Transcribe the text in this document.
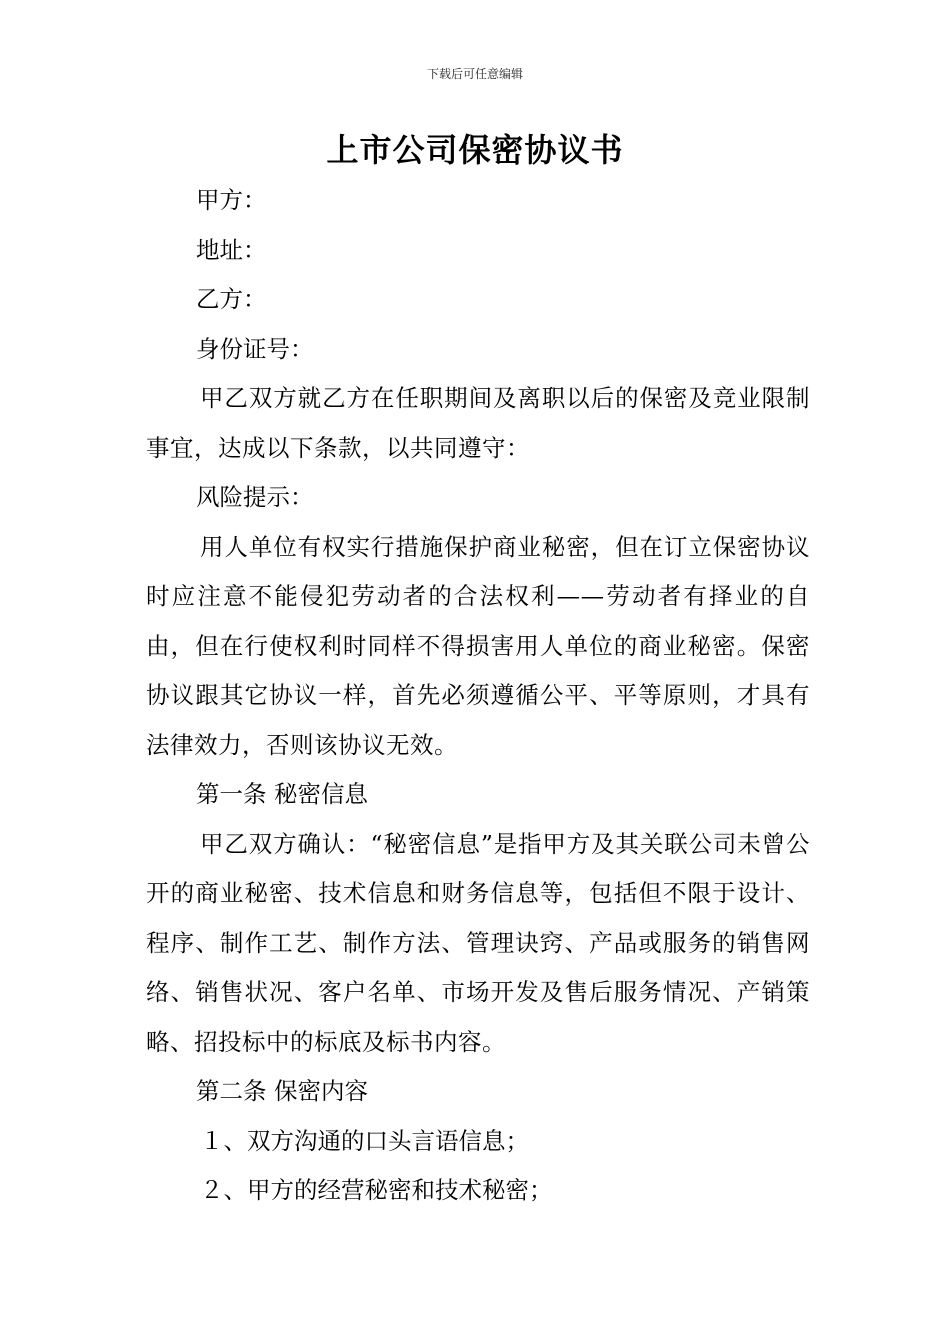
下载后可任意编辑
上市公司保密协议书

甲方：

地址：

乙方：

身份证号：

甲乙双方就乙方在任职期间及离职以后的保密及竞业限制事宜，达成以下条款，以共同遵守：

风险提示：

用人单位有权实行措施保护商业秘密，但在订立保密协议时应注意不能侵犯劳动者的合法权利——劳动者有择业的自由，但在行使权利时同样不得损害用人单位的商业秘密。保密协议跟其它协议一样，首先必须遵循公平、平等原则，才具有法律效力，否则该协议无效。

第一条 秘密信息

甲乙双方确认：“秘密信息”是指甲方及其关联公司未曾公开的商业秘密、技术信息和财务信息等，包括但不限于设计、程序、制作工艺、制作方法、管理诀窍、产品或服务的销售网络、销售状况、客户名单、市场开发及售后服务情况、产销策略、招投标中的标底及标书内容。

第二条 保密内容

１、双方沟通的口头言语信息；

２、甲方的经营秘密和技术秘密；
